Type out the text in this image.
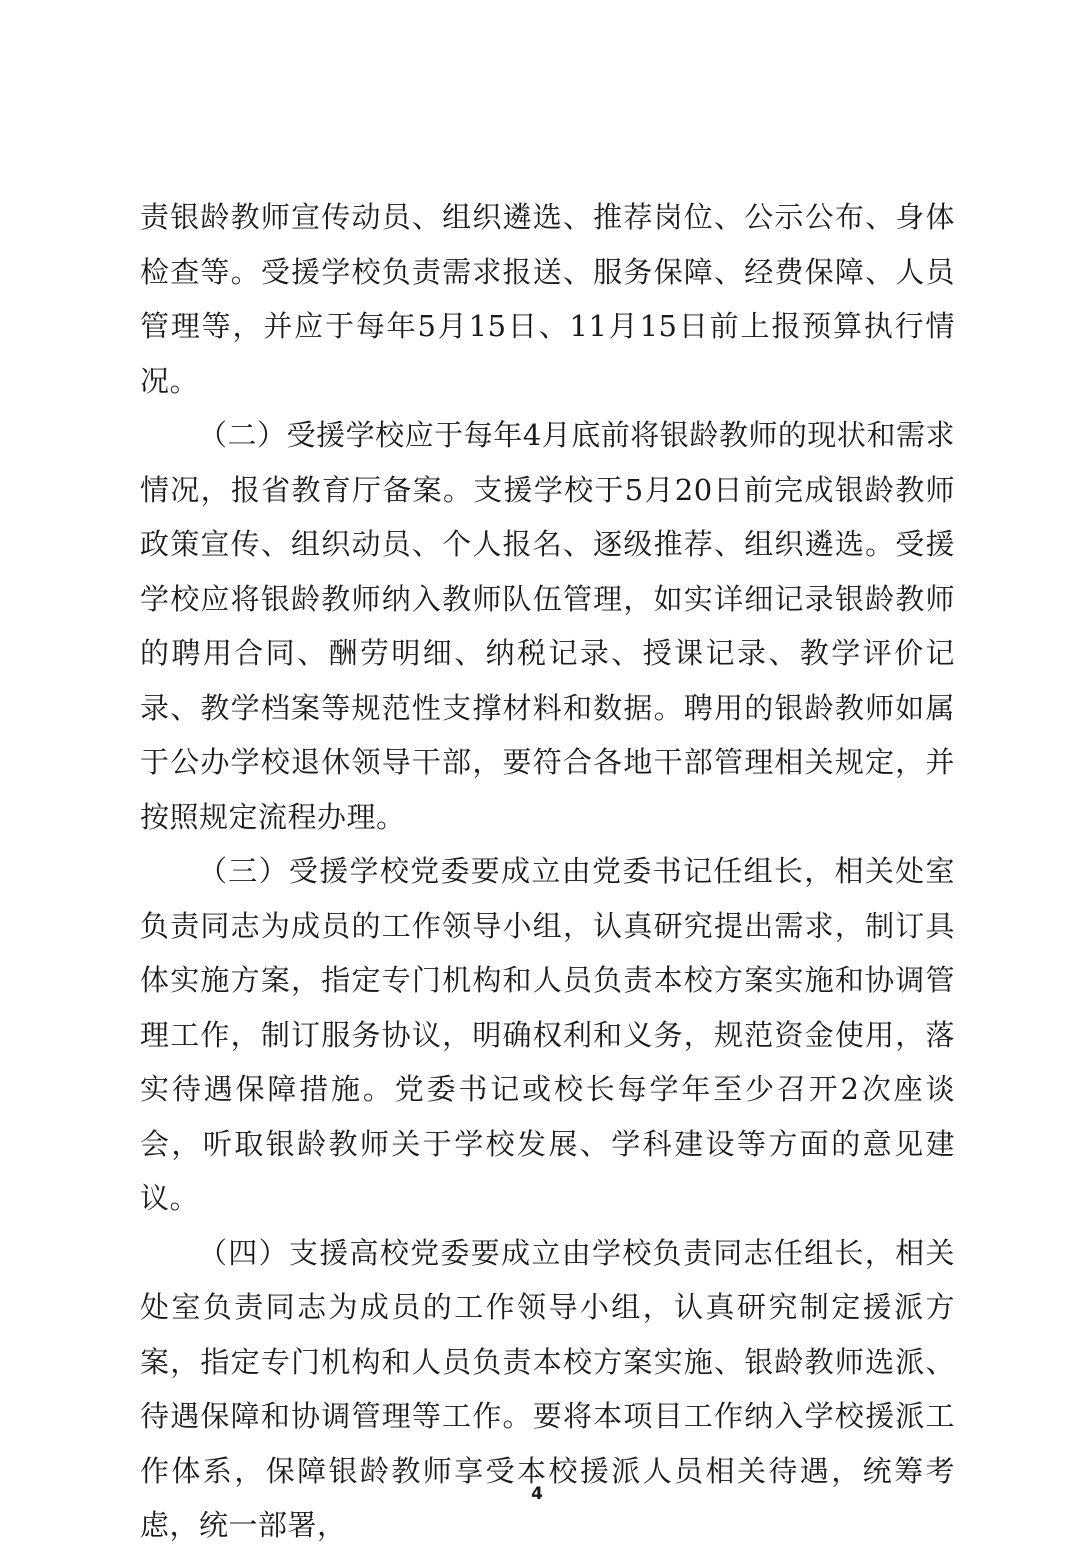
责银龄教师宣传动员、组织遴选、推荐岗位、公示公布、身体检查等。受援学校负责需求报送、服务保障、经费保障、人员管理等，并应于每年5月15日、11月15日前上报预算执行情况。

（二）受援学校应于每年4月底前将银龄教师的现状和需求情况，报省教育厅备案。支援学校于5月20日前完成银龄教师政策宣传、组织动员、个人报名、逐级推荐、组织遴选。受援学校应将银龄教师纳入教师队伍管理，如实详细记录银龄教师的聘用合同、酬劳明细、纳税记录、授课记录、教学评价记录、教学档案等规范性支撑材料和数据。聘用的银龄教师如属于公办学校退休领导干部，要符合各地干部管理相关规定，并按照规定流程办理。

（三）受援学校党委要成立由党委书记任组长，相关处室负责同志为成员的工作领导小组，认真研究提出需求，制订具体实施方案，指定专门机构和人员负责本校方案实施和协调管理工作，制订服务协议，明确权利和义务，规范资金使用，落实待遇保障措施。党委书记或校长每学年至少召开2次座谈会，听取银龄教师关于学校发展、学科建设等方面的意见建议。

（四）支援高校党委要成立由学校负责同志任组长，相关处室负责同志为成员的工作领导小组，认真研究制定援派方案，指定专门机构和人员负责本校方案实施、银龄教师选派、待遇保障和协调管理等工作。要将本项目工作纳入学校援派工作体系，保障银龄教师享受本校援派人员相关待遇，统筹考虑，统一部署，

4
